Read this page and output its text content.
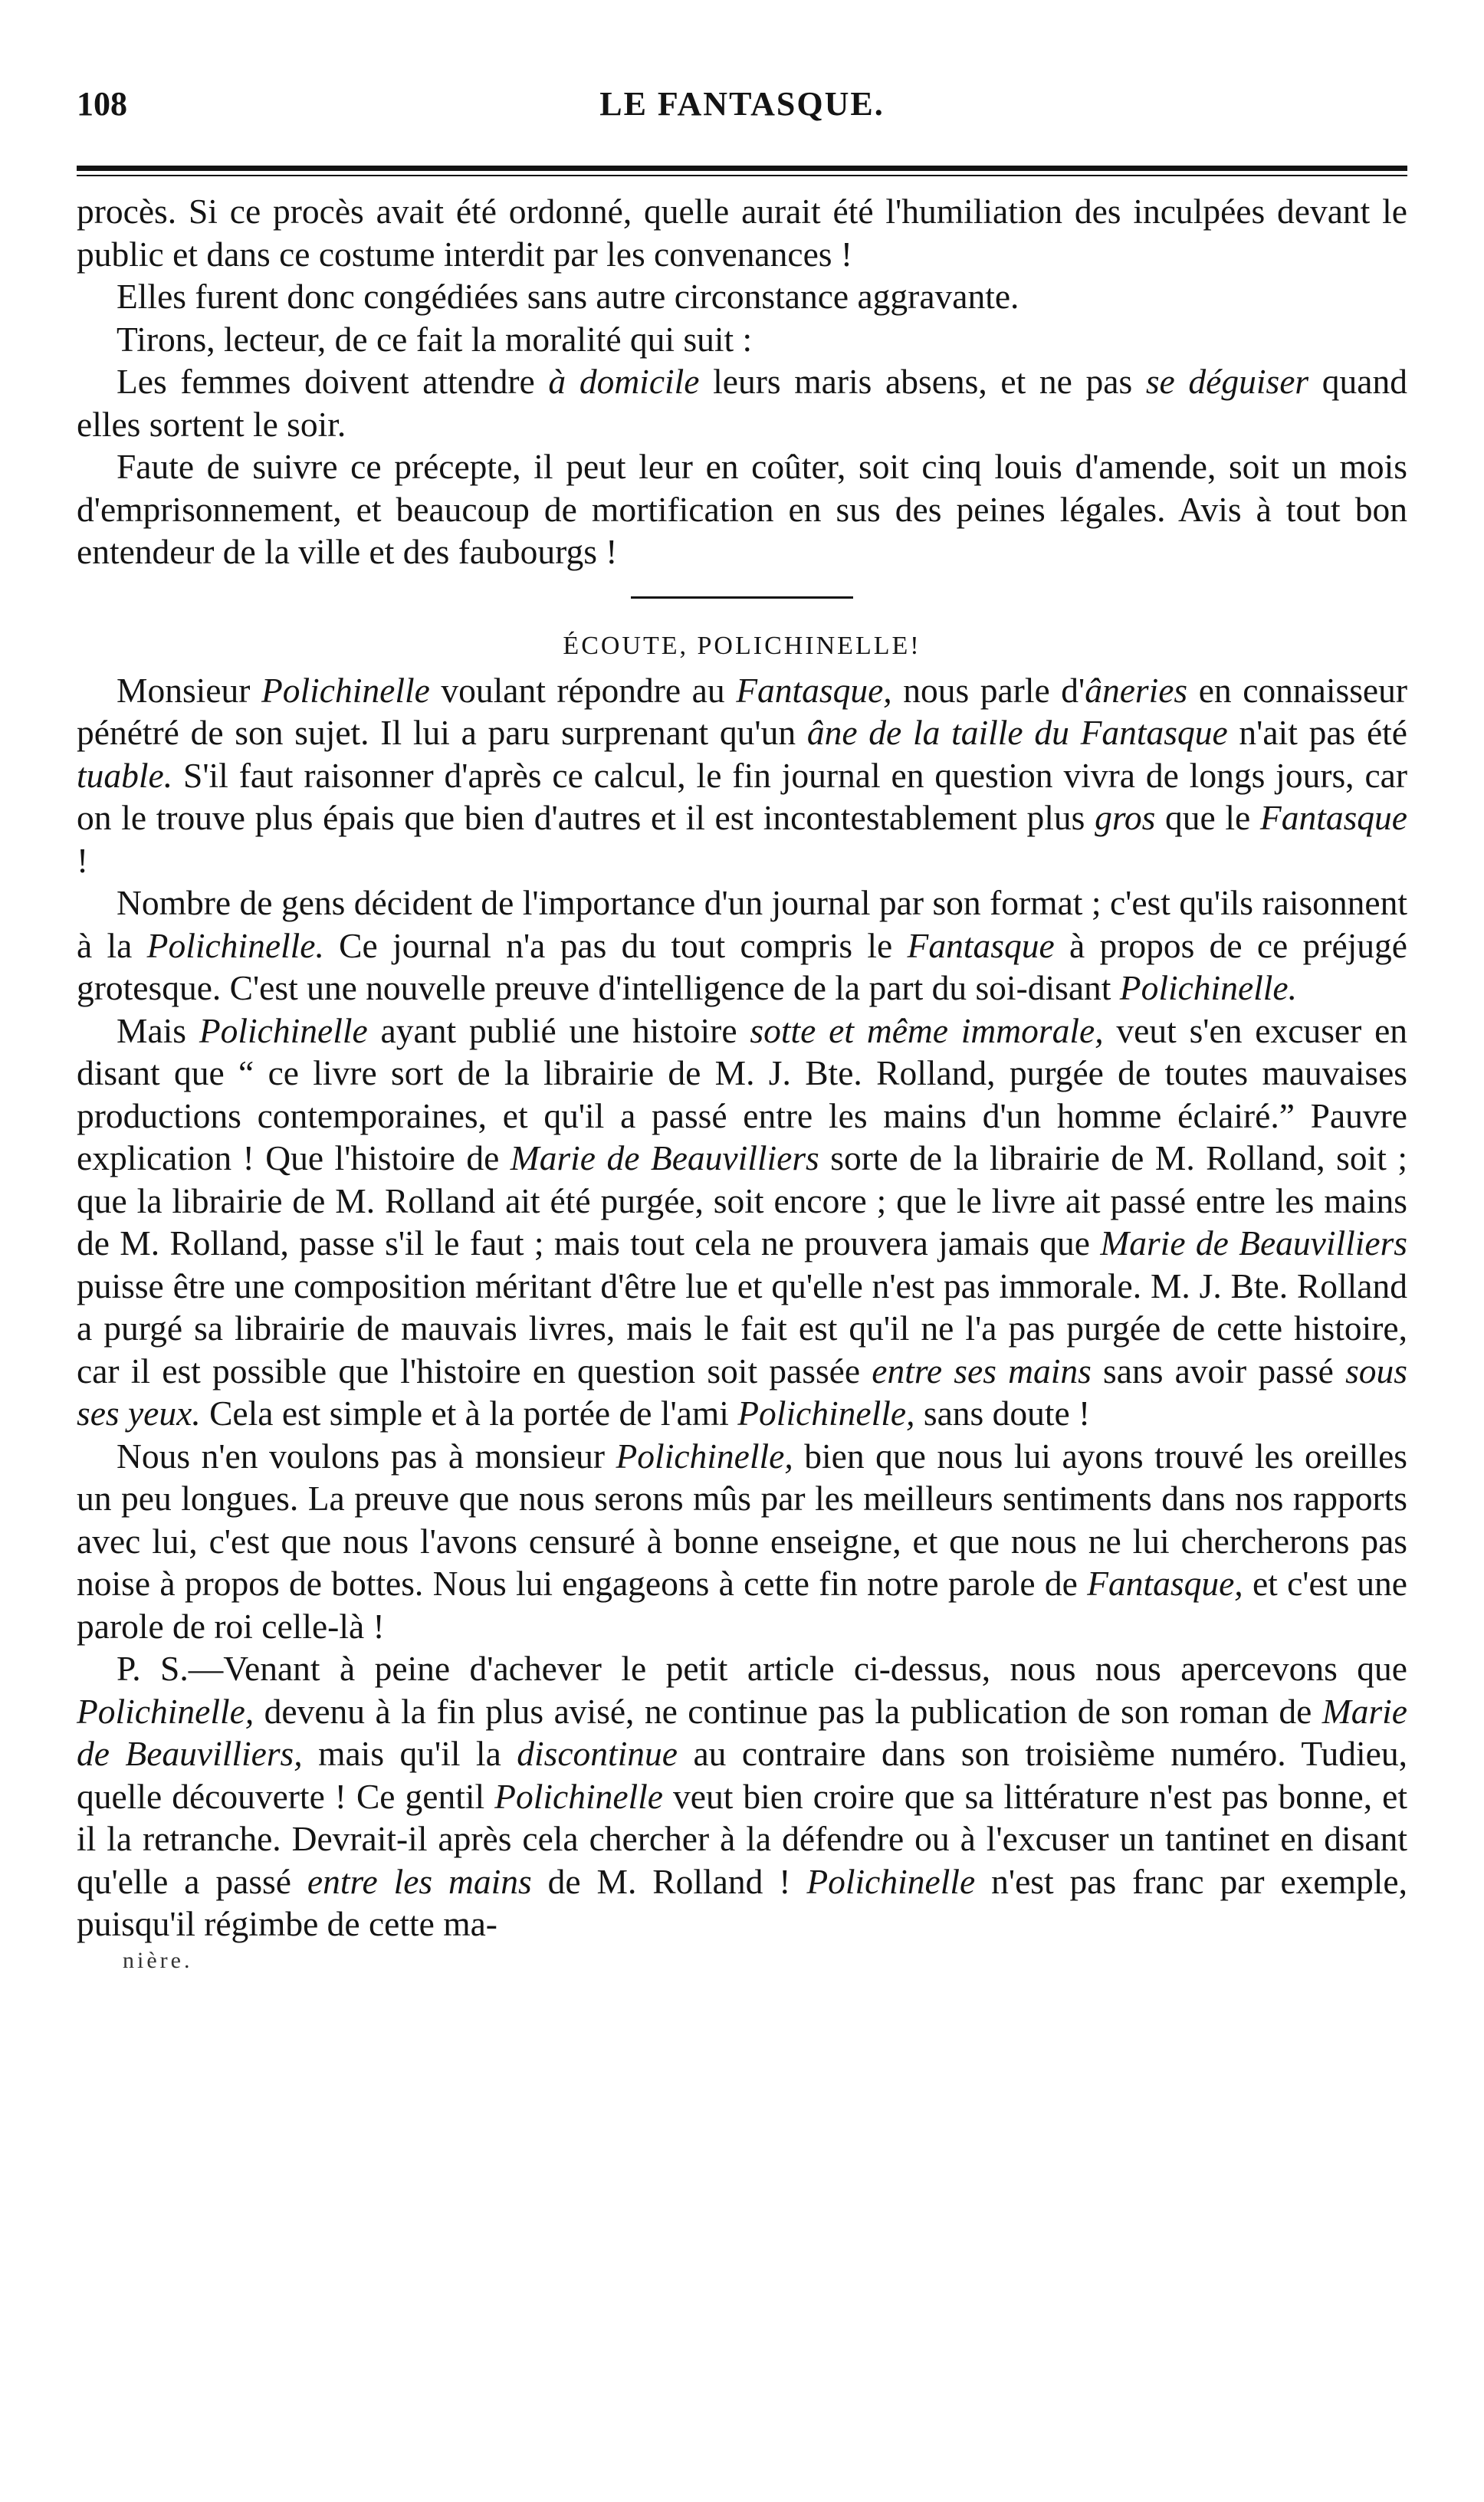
108	LE FANTASQUE.

procès. Si ce procès avait été ordonné, quelle aurait été l'humiliation des inculpées devant le public et dans ce costume interdit par les convenances !

Elles furent donc congédiées sans autre circonstance aggravante.

Tirons, lecteur, de ce fait la moralité qui suit :

Les femmes doivent attendre à domicile leurs maris absens, et ne pas se déguiser quand elles sortent le soir.

Faute de suivre ce précepte, il peut leur en coûter, soit cinq louis d'amende, soit un mois d'emprisonnement, et beaucoup de mortification en sus des peines légales. Avis à tout bon entendeur de la ville et des faubourgs !

ÉCOUTE, POLICHINELLE!

Monsieur Polichinelle voulant répondre au Fantasque, nous parle d'âneries en connaisseur pénétré de son sujet. Il lui a paru surprenant qu'un âne de la taille du Fantasque n'ait pas été tuable. S'il faut raisonner d'après ce calcul, le fin journal en question vivra de longs jours, car on le trouve plus épais que bien d'autres et il est incontestablement plus gros que le Fantasque !

Nombre de gens décident de l'importance d'un journal par son format ; c'est qu'ils raisonnent à la Polichinelle. Ce journal n'a pas du tout compris le Fantasque à propos de ce préjugé grotesque. C'est une nouvelle preuve d'intelligence de la part du soi-disant Polichinelle.

Mais Polichinelle ayant publié une histoire sotte et même immorale, veut s'en excuser en disant que “ ce livre sort de la librairie de M. J. Bte. Rolland, purgée de toutes mauvaises productions contemporaines, et qu'il a passé entre les mains d'un homme éclairé.” Pauvre explication ! Que l'histoire de Marie de Beauvilliers sorte de la librairie de M. Rolland, soit ; que la librairie de M. Rolland ait été purgée, soit encore ; que le livre ait passé entre les mains de M. Rolland, passe s'il le faut ; mais tout cela ne prouvera jamais que Marie de Beauvilliers puisse être une composition méritant d'être lue et qu'elle n'est pas immorale. M. J. Bte. Rolland a purgé sa librairie de mauvais livres, mais le fait est qu'il ne l'a pas purgée de cette histoire, car il est possible que l'histoire en question soit passée entre ses mains sans avoir passé sous ses yeux. Cela est simple et à la portée de l'ami Polichinelle, sans doute !

Nous n'en voulons pas à monsieur Polichinelle, bien que nous lui ayons trouvé les oreilles un peu longues. La preuve que nous serons mûs par les meilleurs sentiments dans nos rapports avec lui, c'est que nous l'avons censuré à bonne enseigne, et que nous ne lui chercherons pas noise à propos de bottes. Nous lui engageons à cette fin notre parole de Fantasque, et c'est une parole de roi celle-là !

P. S.—Venant à peine d'achever le petit article ci-dessus, nous nous apercevons que Polichinelle, devenu à la fin plus avisé, ne continue pas la publication de son roman de Marie de Beauvilliers, mais qu'il la discontinue au contraire dans son troisième numéro. Tudieu, quelle découverte ! Ce gentil Polichinelle veut bien croire que sa littérature n'est pas bonne, et il la retranche. Devrait-il après cela chercher à la défendre ou à l'excuser un tantinet en disant qu'elle a passé entre les mains de M. Rolland ! Polichinelle n'est pas franc par exemple, puisqu'il régimbe de cette ma-

nière.
